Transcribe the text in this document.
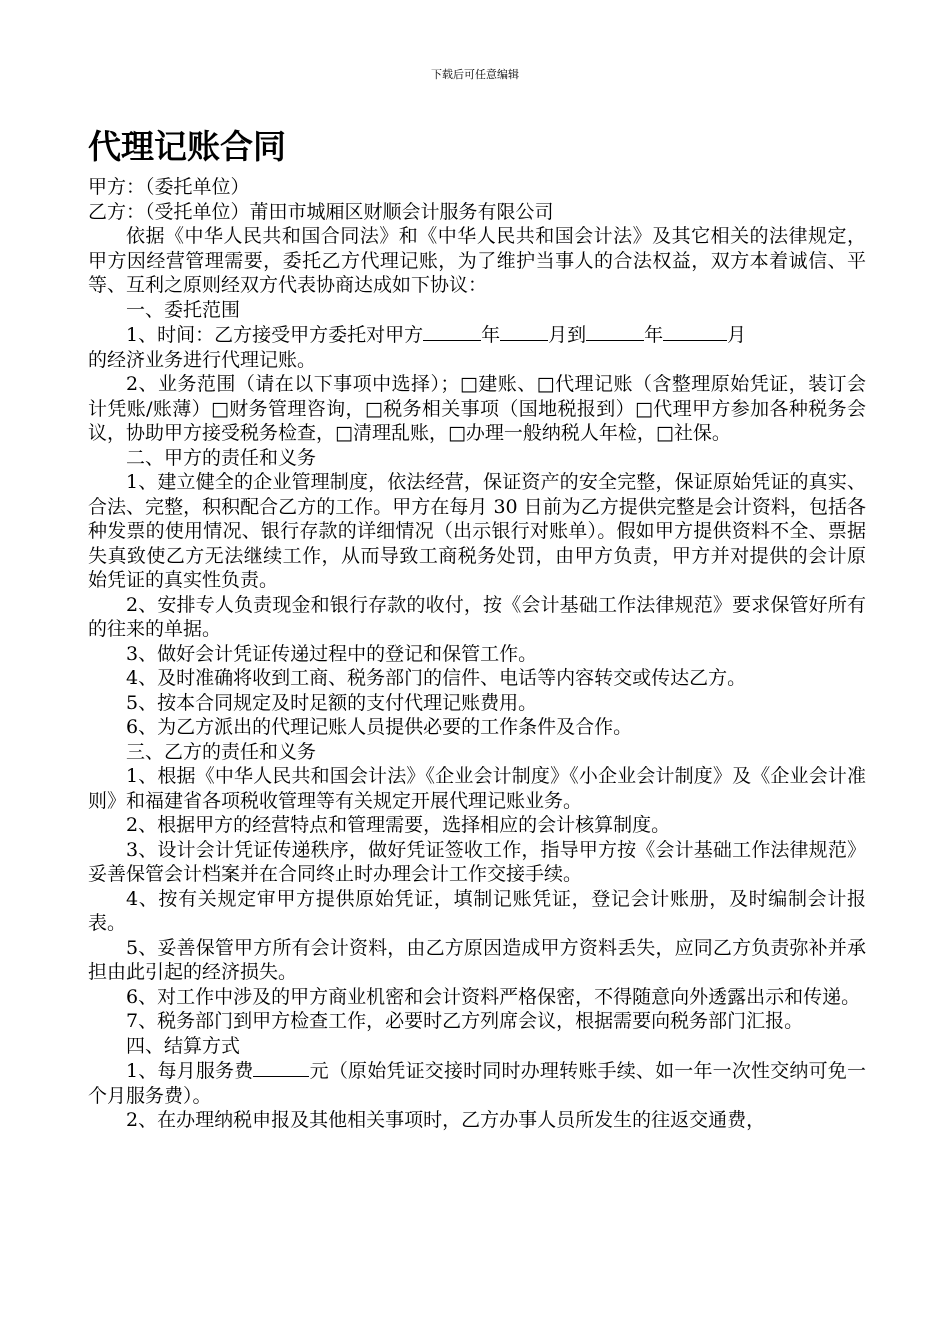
下载后可任意编辑
代理记账合同

甲方：（委托单位）

乙方：（受托单位）莆田市城厢区财顺会计服务有限公司

依据《中华人民共和国合同法》和《中华人民共和国会计法》及其它相关的法律规定，甲方因经营管理需要，委托乙方代理记账，为了维护当事人的合法权益，双方本着诚信、平等、互利之原则经双方代表协商达成如下协议：

一、委托范围

1、时间：乙方接受甲方委托对甲方	年	月到	年	月

的经济业务进行代理记账。

2、业务范围（请在以下事项中选择）；□建账、□代理记账（含整理原始凭证，装订会计凭账/账薄）□财务管理咨询，□税务相关事项（国地税报到）□代理甲方参加各种税务会议，协助甲方接受税务检查，□清理乱账，□办理一般纳税人年检，□社保。

二、甲方的责任和义务

1、建立健全的企业管理制度，依法经营，保证资产的安全完整，保证原始凭证的真实、合法、完整，积积配合乙方的工作。甲方在每月 30 日前为乙方提供完整是会计资料，包括各种发票的使用情况、银行存款的详细情况（出示银行对账单）。假如甲方提供资料不全、票据失真致使乙方无法继续工作，从而导致工商税务处罚，由甲方负责，甲方并对提供的会计原始凭证的真实性负责。

2、安排专人负责现金和银行存款的收付，按《会计基础工作法律规范》要求保管好所有的往来的单据。

3、做好会计凭证传递过程中的登记和保管工作。

4、及时准确将收到工商、税务部门的信件、电话等内容转交或传达乙方。

5、按本合同规定及时足额的支付代理记账费用。

6、为乙方派出的代理记账人员提供必要的工作条件及合作。

三、乙方的责任和义务

1、根据《中华人民共和国会计法》《企业会计制度》《小企业会计制度》及《企业会计准则》和福建省各项税收管理等有关规定开展代理记账业务。

2、根据甲方的经营特点和管理需要，选择相应的会计核算制度。

3、设计会计凭证传递秩序，做好凭证签收工作，指导甲方按《会计基础工作法律规范》妥善保管会计档案并在合同终止时办理会计工作交接手续。

4、按有关规定审甲方提供原始凭证，填制记账凭证，登记会计账册，及时编制会计报表。

5、妥善保管甲方所有会计资料，由乙方原因造成甲方资料丢失，应同乙方负责弥补并承担由此引起的经济损失。

6、对工作中涉及的甲方商业机密和会计资料严格保密，不得随意向外透露出示和传递。

7、税务部门到甲方检查工作，必要时乙方列席会议，根据需要向税务部门汇报。

四、结算方式

1、每月服务费	元（原始凭证交接时同时办理转账手续、如一年一次性交纳可免一个月服务费）。

2、在办理纳税申报及其他相关事项时，乙方办事人员所发生的往返交通费，
